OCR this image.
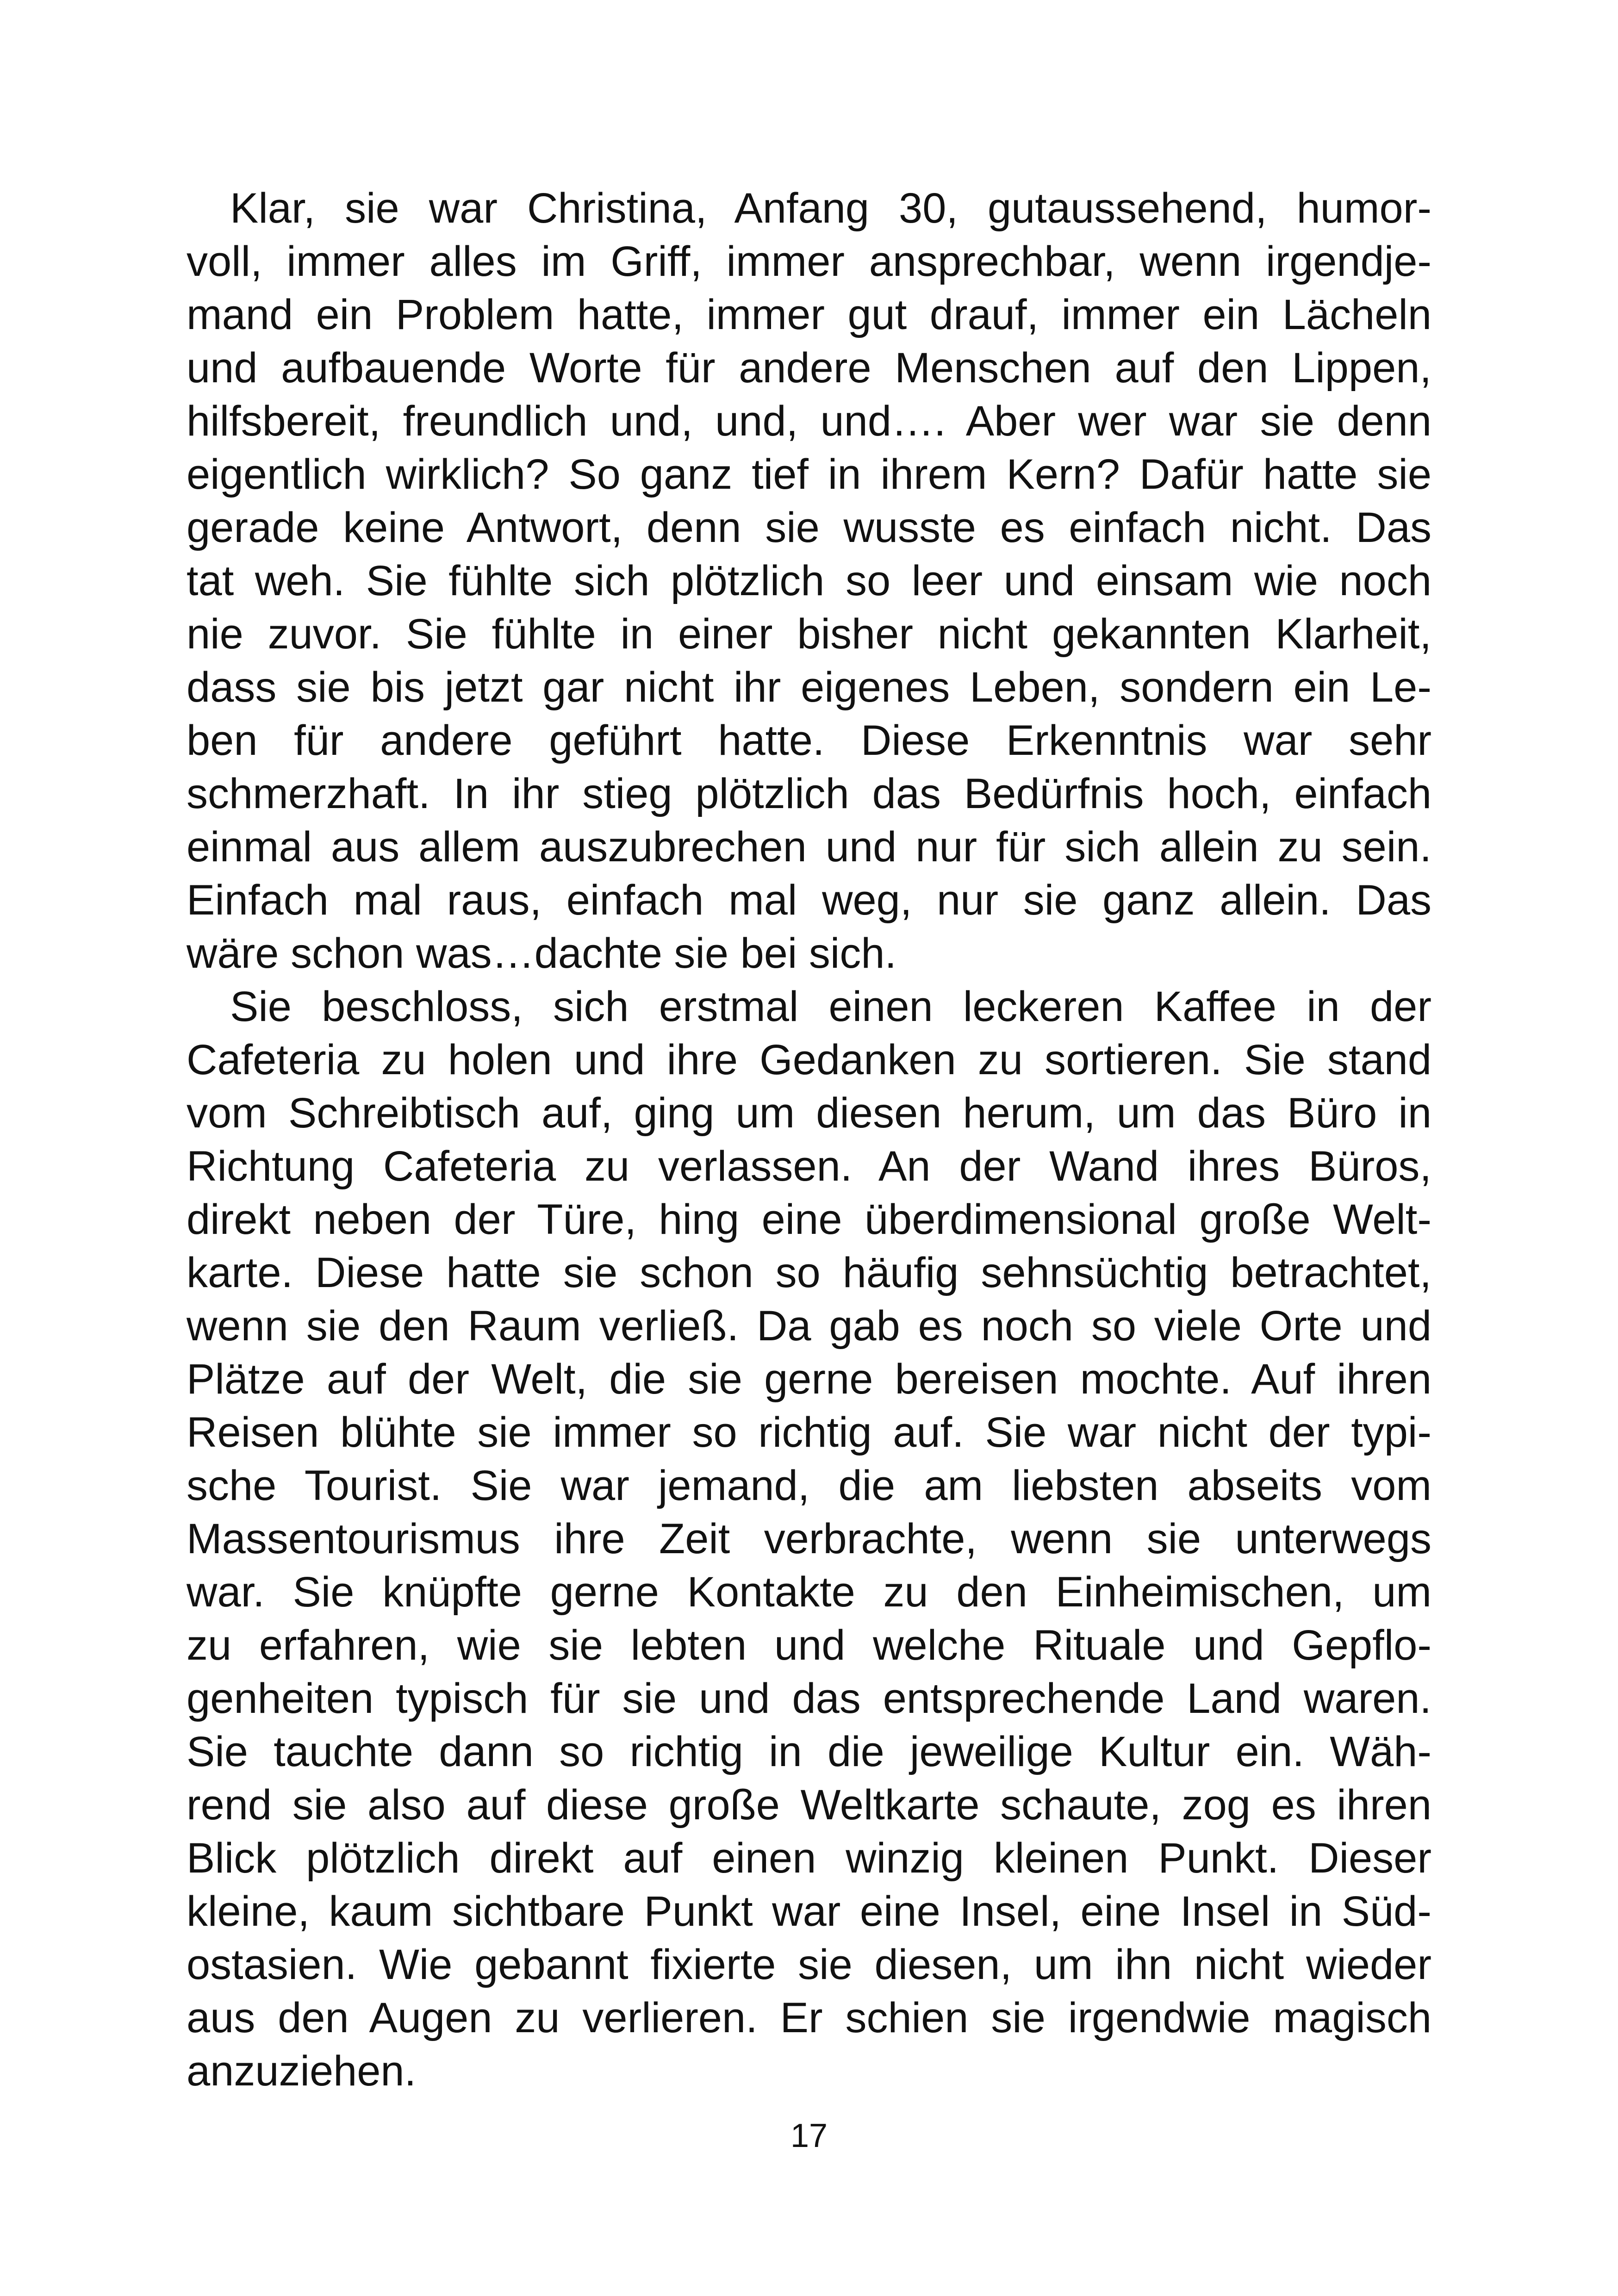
Klar, sie war Christina, Anfang 30, gutaussehend, humor-
voll, immer alles im Griff, immer ansprechbar, wenn irgendje-
mand ein Problem hatte, immer gut drauf, immer ein Lächeln
und aufbauende Worte für andere Menschen auf den Lippen,
hilfsbereit, freundlich und, und, und…. Aber wer war sie denn
eigentlich wirklich? So ganz tief in ihrem Kern? Dafür hatte sie
gerade keine Antwort, denn sie wusste es einfach nicht. Das
tat weh. Sie fühlte sich plötzlich so leer und einsam wie noch
nie zuvor. Sie fühlte in einer bisher nicht gekannten Klarheit,
dass sie bis jetzt gar nicht ihr eigenes Leben, sondern ein Le-
ben für andere geführt hatte. Diese Erkenntnis war sehr
schmerzhaft. In ihr stieg plötzlich das Bedürfnis hoch, einfach
einmal aus allem auszubrechen und nur für sich allein zu sein.
Einfach mal raus, einfach mal weg, nur sie ganz allein. Das
wäre schon was…dachte sie bei sich.
Sie beschloss, sich erstmal einen leckeren Kaffee in der
Cafeteria zu holen und ihre Gedanken zu sortieren. Sie stand
vom Schreibtisch auf, ging um diesen herum, um das Büro in
Richtung Cafeteria zu verlassen. An der Wand ihres Büros,
direkt neben der Türe, hing eine überdimensional große Welt-
karte. Diese hatte sie schon so häufig sehnsüchtig betrachtet,
wenn sie den Raum verließ. Da gab es noch so viele Orte und
Plätze auf der Welt, die sie gerne bereisen mochte. Auf ihren
Reisen blühte sie immer so richtig auf. Sie war nicht der typi-
sche Tourist. Sie war jemand, die am liebsten abseits vom
Massentourismus ihre Zeit verbrachte, wenn sie unterwegs
war. Sie knüpfte gerne Kontakte zu den Einheimischen, um
zu erfahren, wie sie lebten und welche Rituale und Gepflo-
genheiten typisch für sie und das entsprechende Land waren.
Sie tauchte dann so richtig in die jeweilige Kultur ein. Wäh-
rend sie also auf diese große Weltkarte schaute, zog es ihren
Blick plötzlich direkt auf einen winzig kleinen Punkt. Dieser
kleine, kaum sichtbare Punkt war eine Insel, eine Insel in Süd-
ostasien. Wie gebannt fixierte sie diesen, um ihn nicht wieder
aus den Augen zu verlieren. Er schien sie irgendwie magisch
anzuziehen.
17
